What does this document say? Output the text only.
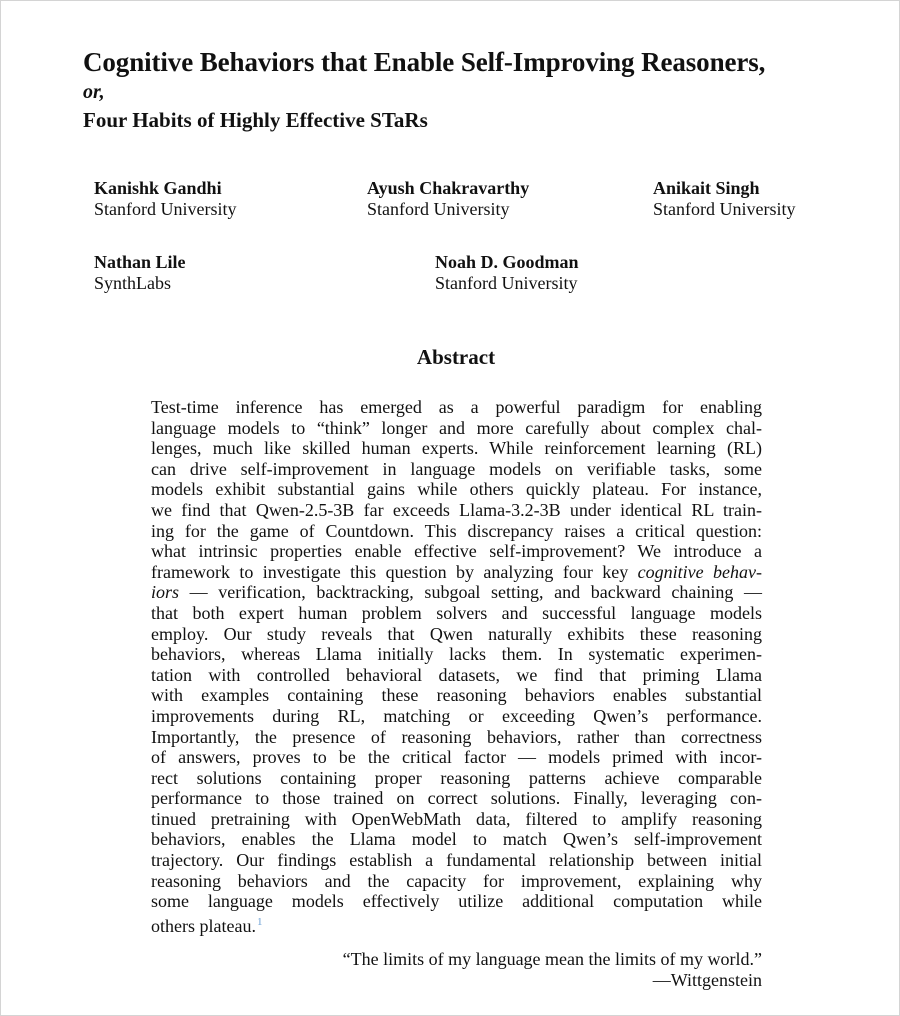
Cognitive Behaviors that Enable Self-Improving Reasoners,
or,
Four Habits of Highly Effective STaRs
Kanishk Gandhi
Stanford University
Ayush Chakravarthy
Stanford University
Anikait Singh
Stanford University
Nathan Lile
SynthLabs
Noah D. Goodman
Stanford University
Abstract
Test-time inference has emerged as a powerful paradigm for enabling
language models to “think” longer and more carefully about complex chal-
lenges, much like skilled human experts. While reinforcement learning (RL)
can drive self-improvement in language models on verifiable tasks, some
models exhibit substantial gains while others quickly plateau. For instance,
we find that Qwen-2.5-3B far exceeds Llama-3.2-3B under identical RL train-
ing for the game of Countdown. This discrepancy raises a critical question:
what intrinsic properties enable effective self-improvement? We introduce a
framework to investigate this question by analyzing four key cognitive behav-
iors — verification, backtracking, subgoal setting, and backward chaining —
that both expert human problem solvers and successful language models
employ. Our study reveals that Qwen naturally exhibits these reasoning
behaviors, whereas Llama initially lacks them. In systematic experimen-
tation with controlled behavioral datasets, we find that priming Llama
with examples containing these reasoning behaviors enables substantial
improvements during RL, matching or exceeding Qwen’s performance.
Importantly, the presence of reasoning behaviors, rather than correctness
of answers, proves to be the critical factor — models primed with incor-
rect solutions containing proper reasoning patterns achieve comparable
performance to those trained on correct solutions. Finally, leveraging con-
tinued pretraining with OpenWebMath data, filtered to amplify reasoning
behaviors, enables the Llama model to match Qwen’s self-improvement
trajectory. Our findings establish a fundamental relationship between initial
reasoning behaviors and the capacity for improvement, explaining why
some language models effectively utilize additional computation while
others plateau.$^1$
“The limits of my language mean the limits of my world.”
—Wittgenstein
